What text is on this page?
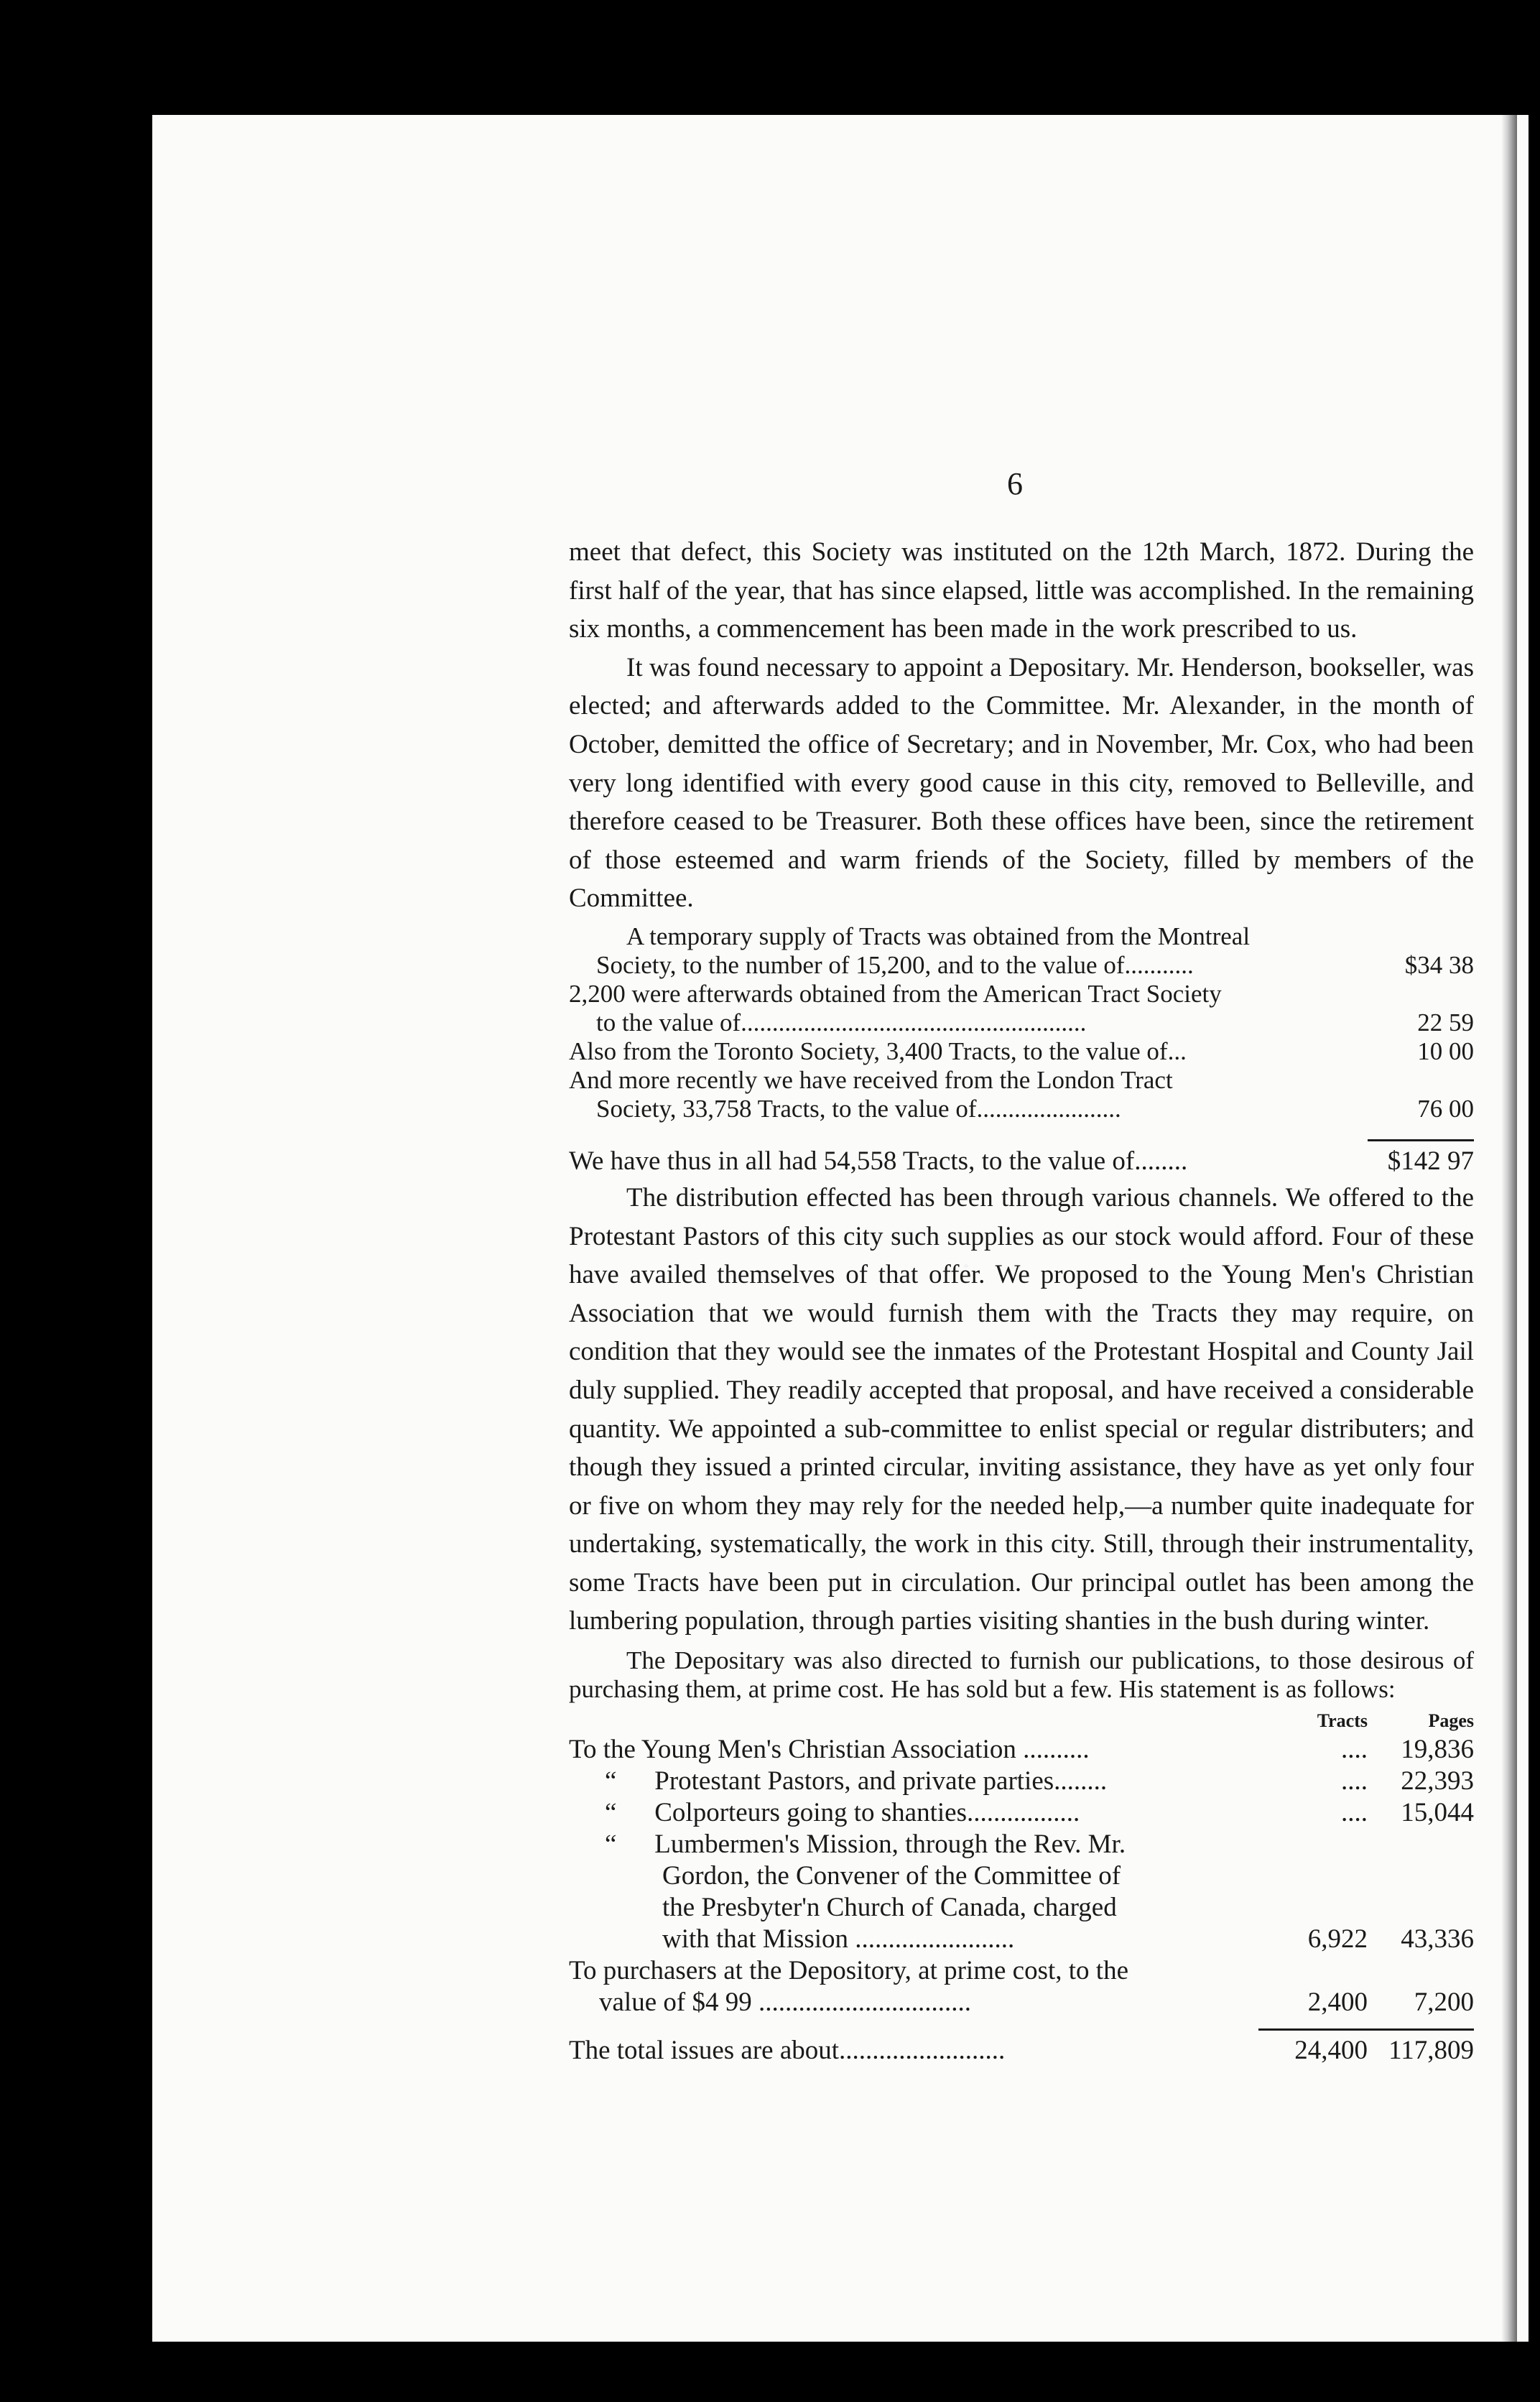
6

meet that defect, this Society was instituted on the 12th March, 1872. During the first half of the year, that has since elapsed, little was accomplished. In the remaining six months, a commencement has been made in the work prescribed to us.

It was found necessary to appoint a Depositary. Mr. Henderson, bookseller, was elected; and afterwards added to the Committee. Mr. Alexander, in the month of October, demitted the office of Secretary; and in November, Mr. Cox, who had been very long identified with every good cause in this city, removed to Belleville, and therefore ceased to be Treasurer. Both these offices have been, since the retirement of those esteemed and warm friends of the Society, filled by members of the Committee.

A temporary supply of Tracts was obtained from the Montreal

Society, to the number of 15,200, and to the value of...........	$34 38
2,200 were afterwards obtained from the American Tract Society
to the value of.......................................................	22 59
Also from the Toronto Society, 3,400 Tracts, to the value of...	10 00
And more recently we have received from the London Tract
Society, 33,758 Tracts, to the value of.......................	76 00
We have thus in all had 54,558 Tracts, to the value of........	$142 97

The distribution effected has been through various channels. We offered to the Protestant Pastors of this city such supplies as our stock would afford. Four of these have availed themselves of that offer. We proposed to the Young Men's Christian Association that we would furnish them with the Tracts they may require, on condition that they would see the inmates of the Protestant Hospital and County Jail duly supplied. They readily accepted that proposal, and have received a considerable quantity. We appointed a sub-committee to enlist special or regular distributers; and though they issued a printed circular, inviting assistance, they have as yet only four or five on whom they may rely for the needed help,—a number quite inadequate for undertaking, systematically, the work in this city. Still, through their instrumentality, some Tracts have been put in circulation. Our principal outlet has been among the lumbering population, through parties visiting shanties in the bush during winter.

The Depositary was also directed to furnish our publications, to those desirous of purchasing them, at prime cost. He has sold but a few. His statement is as follows:

Tracts	Pages
To the Young Men's Christian Association ..........	....	19,836
“ Protestant Pastors, and private parties........	....	22,393
“ Colporteurs going to shanties.................	....	15,044
“ Lumbermen's Mission, through the Rev. Mr.
Gordon, the Convener of the Committee of
the Presbyter'n Church of Canada, charged
with that Mission ........................	6,922	43,336
To purchasers at the Depository, at prime cost, to the
value of $4 99 ................................	2,400	7,200
The total issues are about.........................	24,400 117,809
